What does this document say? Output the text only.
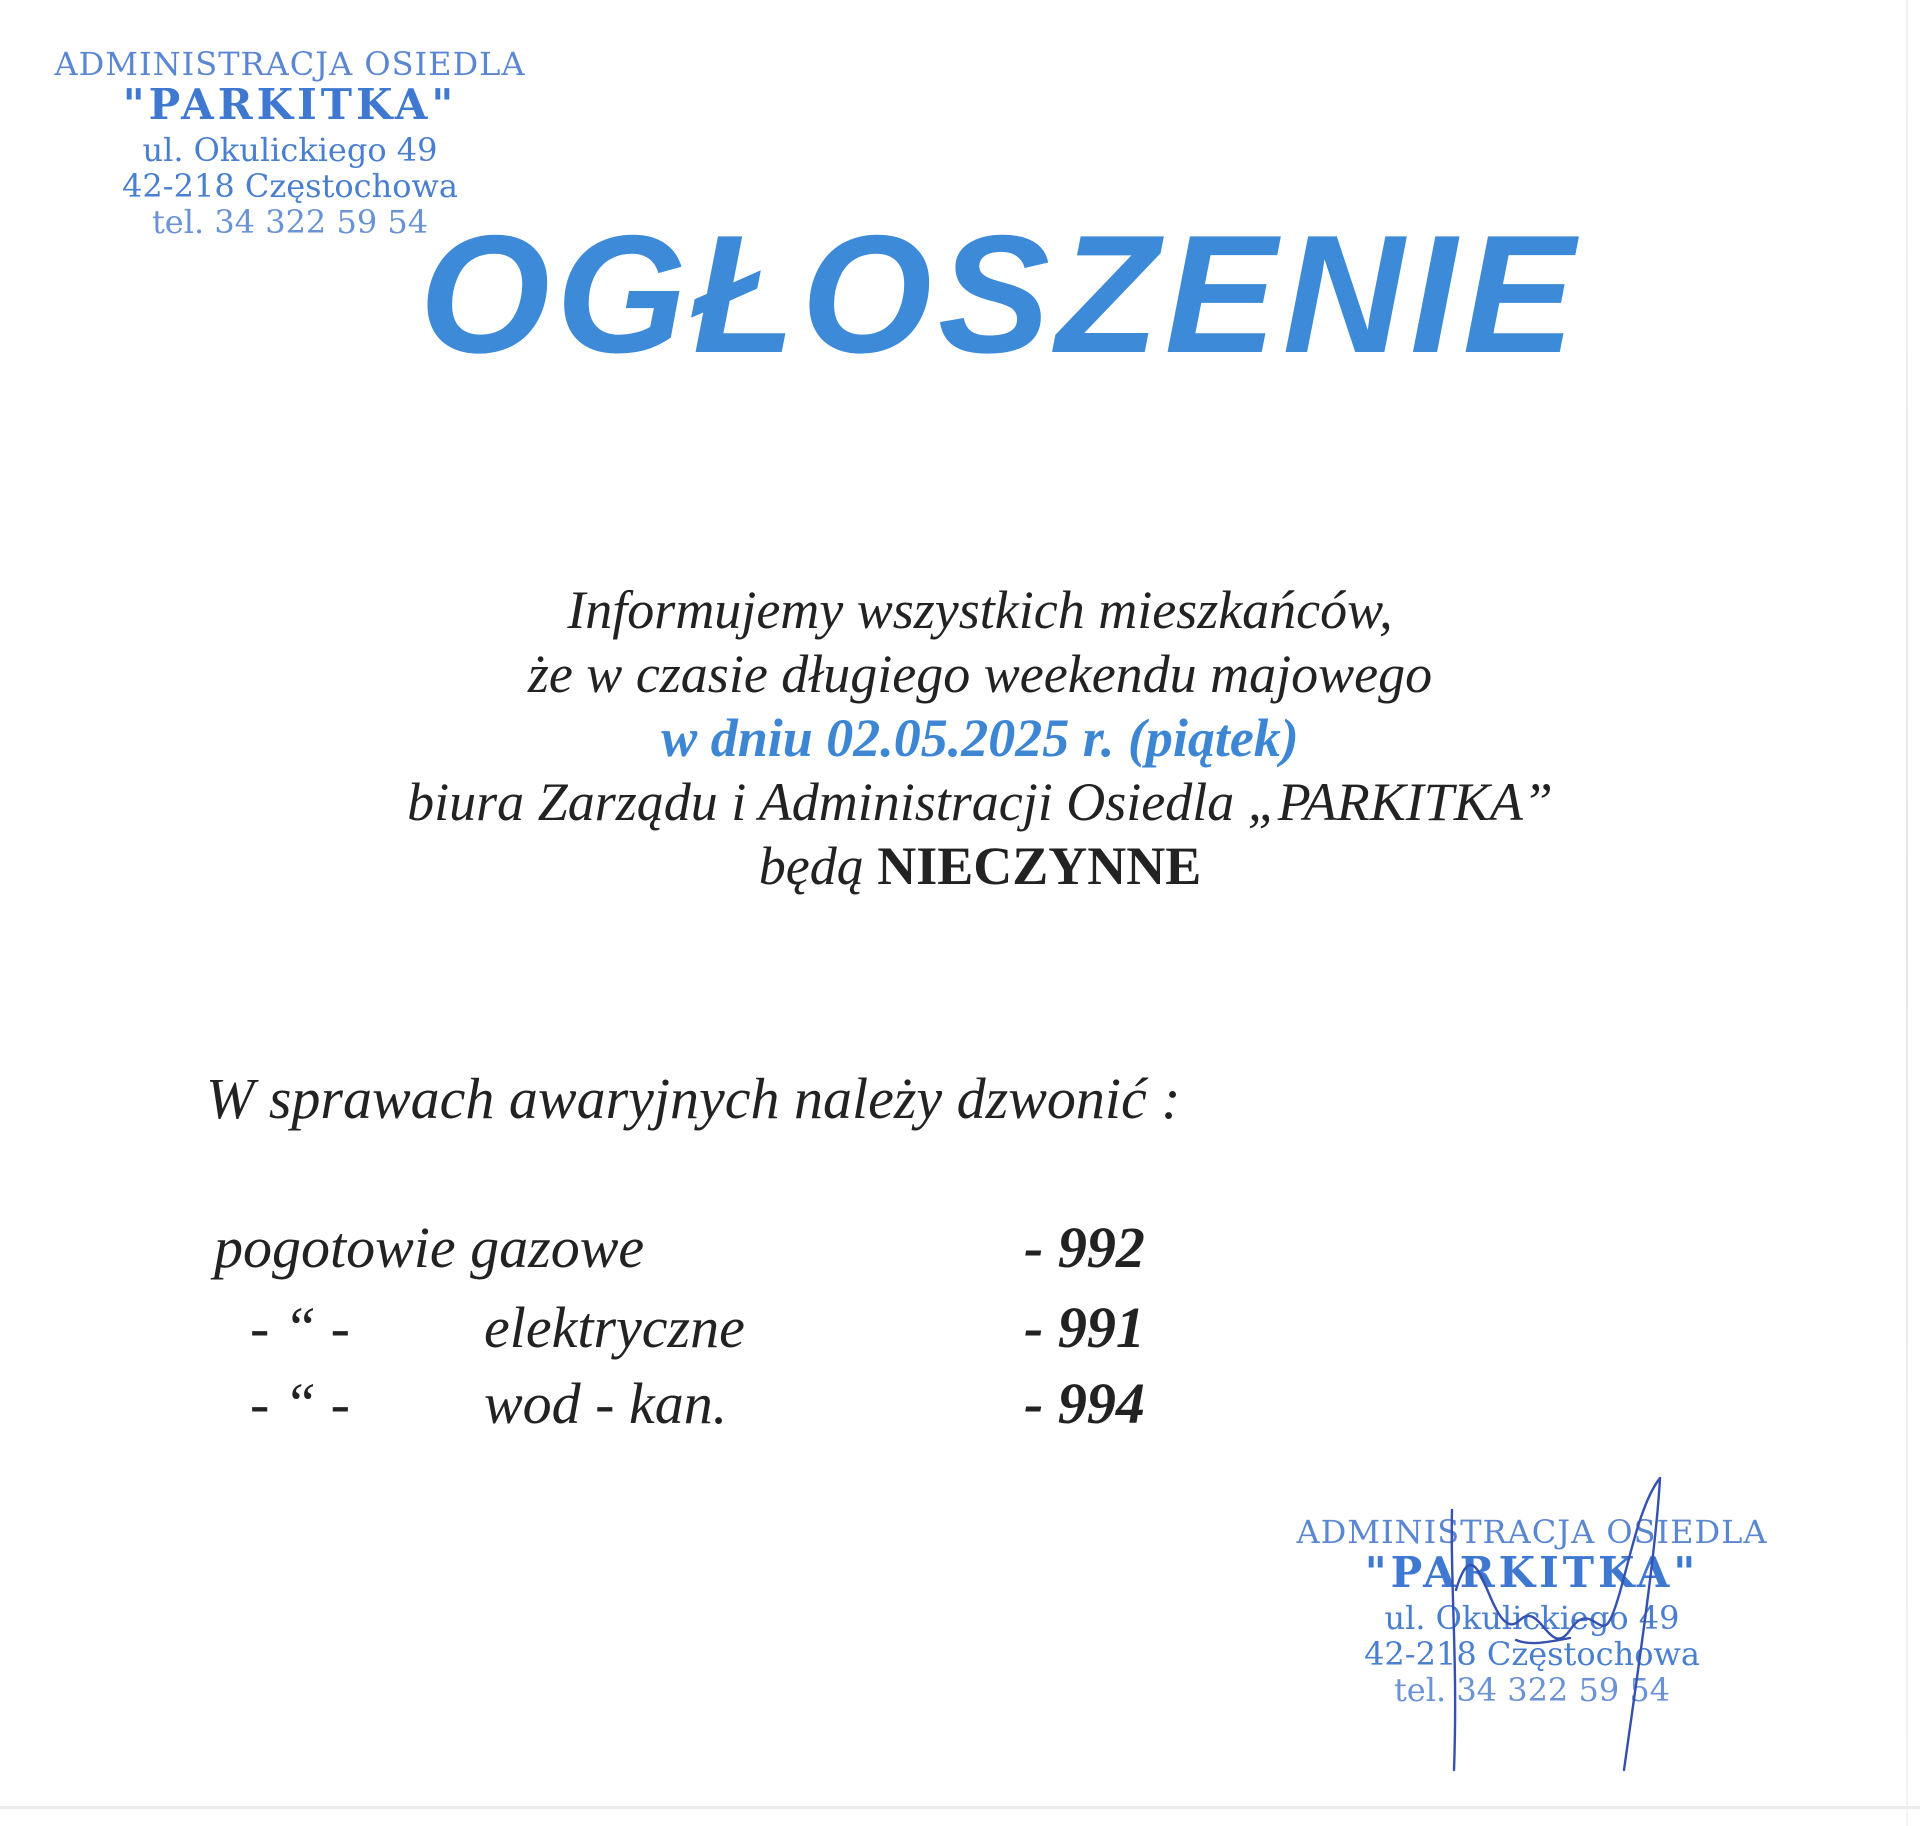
ADMINISTRACJA OSIEDLA
"PARKITKA"
ul. Okulickiego 49
42-218 Częstochowa
tel. 34 322 59 54
OGŁOSZENIE
Informujemy wszystkich mieszkańców,
że w czasie długiego weekendu majowego
w dniu 02.05.2025 r. (piątek)
biura Zarządu i Administracji Osiedla „PARKITKA”
będą NIECZYNNE
W sprawach awaryjnych należy dzwonić :
pogotowie gazowe	- 992
- “ - elektryczne	- 991
- “ - wod - kan.	- 994
ADMINISTRACJA OSIEDLA
"PARKITKA"
ul. Okulickiego 49
42-218 Częstochowa
tel. 34 322 59 54
